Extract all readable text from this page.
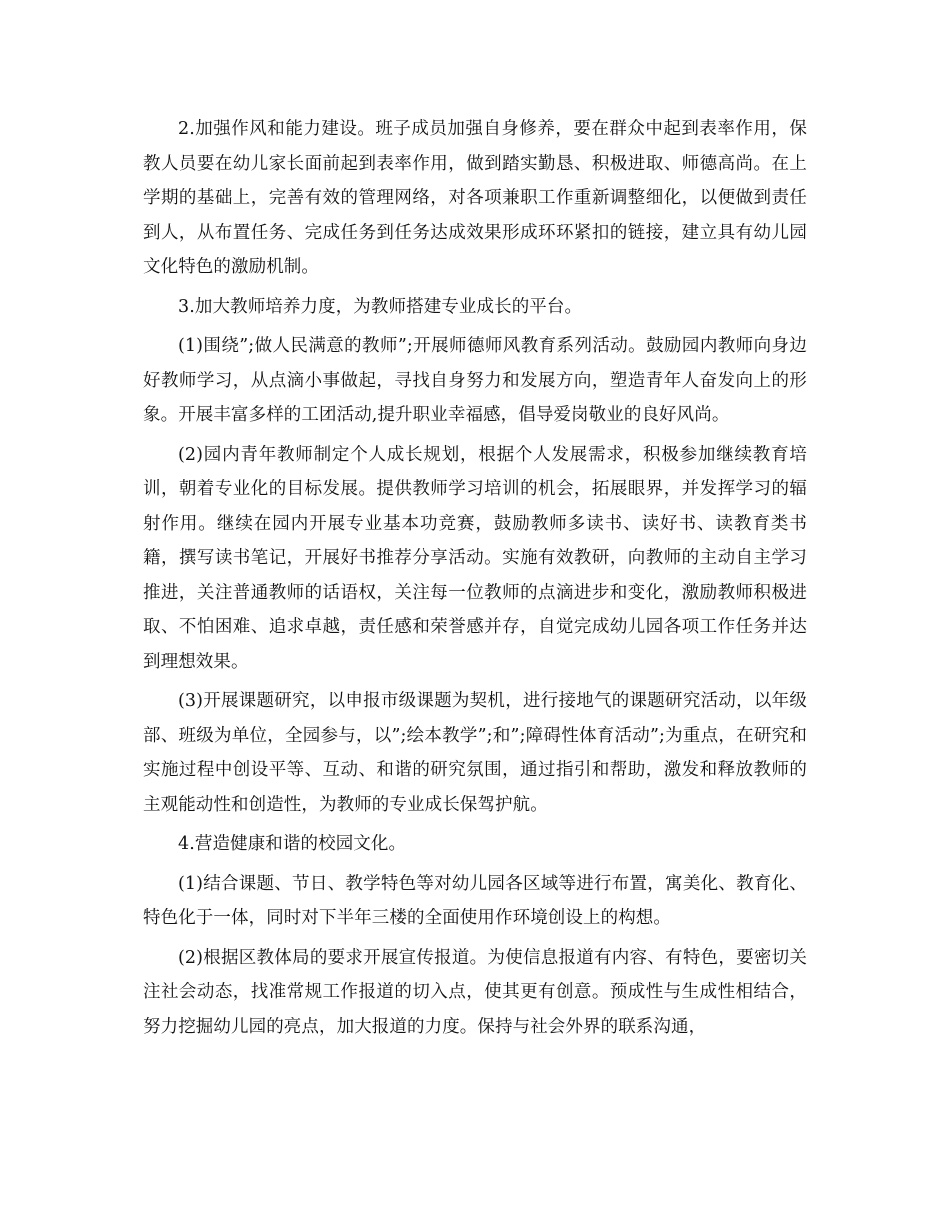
2.加强作风和能力建设。班子成员加强自身修养，要在群众中起到表率作用，保教人员要在幼儿家长面前起到表率作用，做到踏实勤恳、积极进取、师德高尚。在上学期的基础上，完善有效的管理网络，对各项兼职工作重新调整细化，以便做到责任到人，从布置任务、完成任务到任务达成效果形成环环紧扣的链接，建立具有幼儿园文化特色的激励机制。

3.加大教师培养力度，为教师搭建专业成长的平台。

(1)围绕”;做人民满意的教师”;开展师德师风教育系列活动。鼓励园内教师向身边好教师学习，从点滴小事做起，寻找自身努力和发展方向，塑造青年人奋发向上的形象。开展丰富多样的工团活动,提升职业幸福感，倡导爱岗敬业的良好风尚。

(2)园内青年教师制定个人成长规划，根据个人发展需求，积极参加继续教育培训，朝着专业化的目标发展。提供教师学习培训的机会，拓展眼界，并发挥学习的辐射作用。继续在园内开展专业基本功竞赛，鼓励教师多读书、读好书、读教育类书籍，撰写读书笔记，开展好书推荐分享活动。实施有效教研，向教师的主动自主学习推进，关注普通教师的话语权，关注每一位教师的点滴进步和变化，激励教师积极进取、不怕困难、追求卓越，责任感和荣誉感并存，自觉完成幼儿园各项工作任务并达到理想效果。

(3)开展课题研究，以申报市级课题为契机，进行接地气的课题研究活动，以年级部、班级为单位，全园参与，以”;绘本教学”;和”;障碍性体育活动”;为重点，在研究和实施过程中创设平等、互动、和谐的研究氛围，通过指引和帮助，激发和释放教师的主观能动性和创造性，为教师的专业成长保驾护航。

4.营造健康和谐的校园文化。

(1)结合课题、节日、教学特色等对幼儿园各区域等进行布置，寓美化、教育化、特色化于一体，同时对下半年三楼的全面使用作环境创设上的构想。

(2)根据区教体局的要求开展宣传报道。为使信息报道有内容、有特色，要密切关注社会动态，找准常规工作报道的切入点，使其更有创意。预成性与生成性相结合，努力挖掘幼儿园的亮点，加大报道的力度。保持与社会外界的联系沟通，
